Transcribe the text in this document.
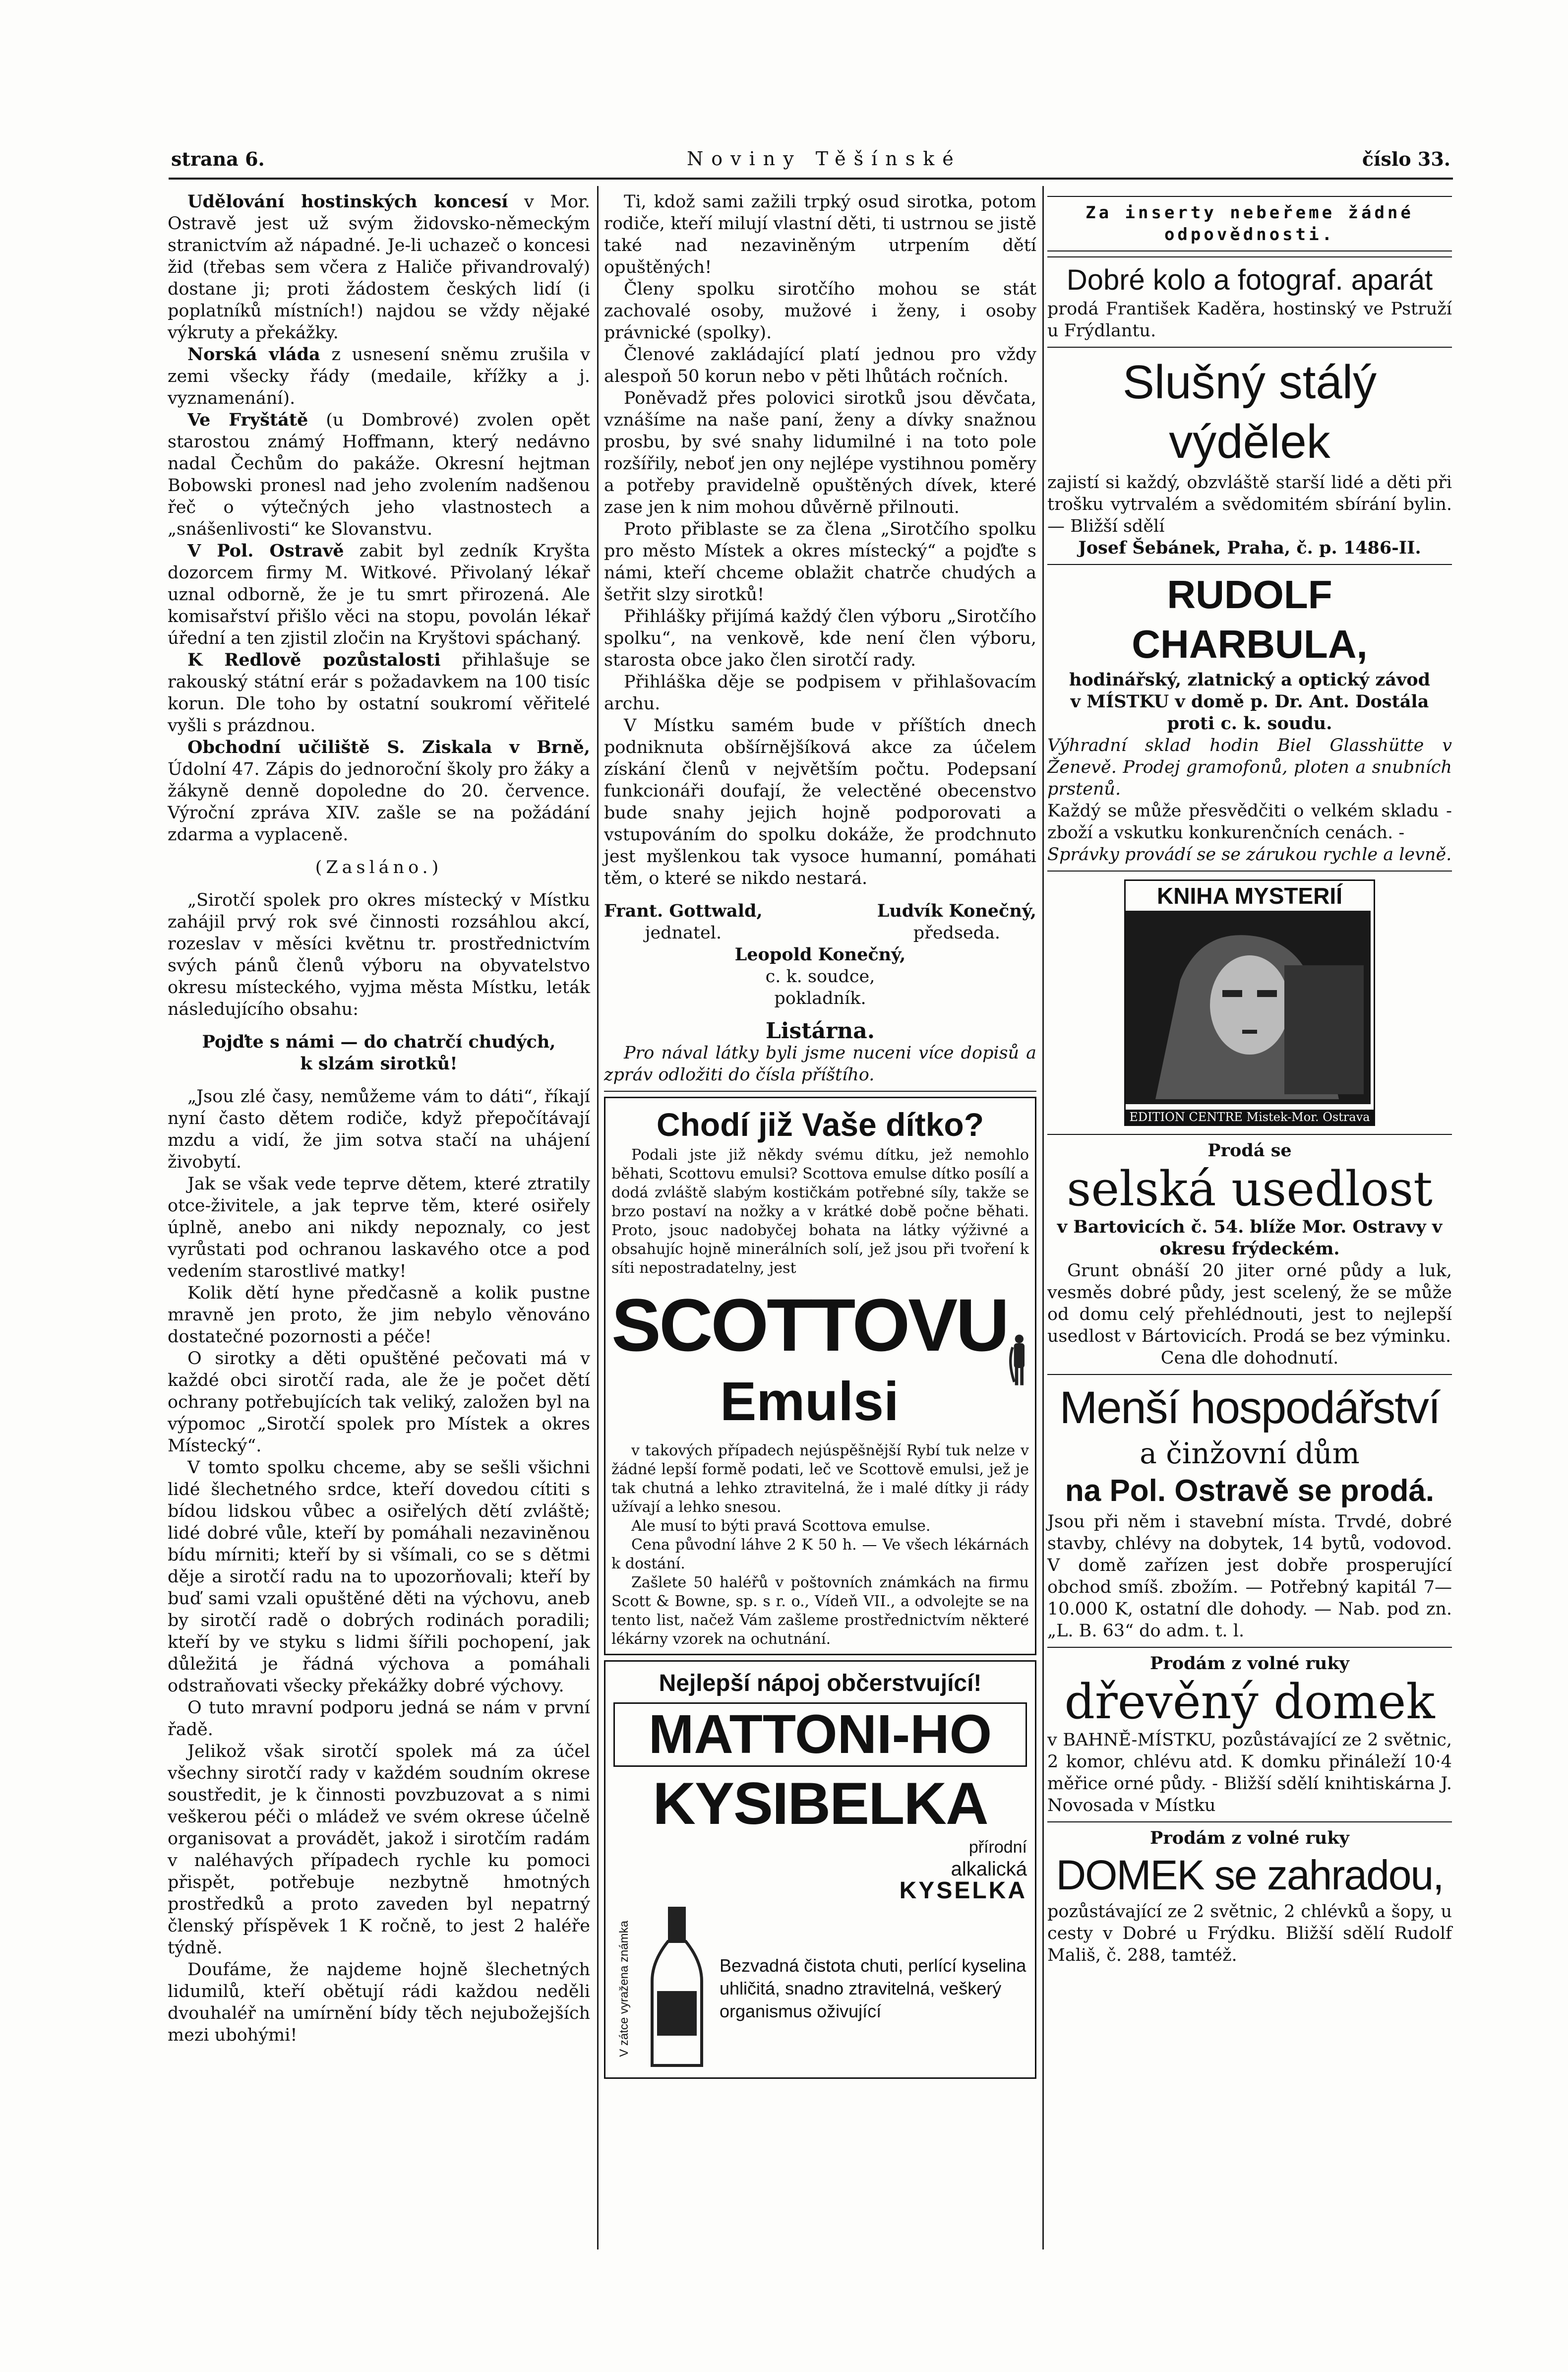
strana 6.	Noviny Těšínské	číslo 33.

Udělování hostinských koncesí v Mor. Ostravě jest už svým židovsko-německým stranictvím až nápadné. Je-li uchazeč o koncesi žid (třebas sem včera z Haliče přivandrovalý) dostane ji; proti žádostem českých lidí (i poplatníků místních!) najdou se vždy nějaké výkruty a překážky.

Norská vláda z usnesení sněmu zrušila v zemi všecky řády (medaile, křížky a j. vyznamenání).

Ve Fryštátě (u Dombrové) zvolen opět starostou známý Hoffmann, který nedávno nadal Čechům do pakáže. Okresní hejtman Bobowski pronesl nad jeho zvolením nadšenou řeč o výtečných jeho vlastnostech a „snášenlivosti“ ke Slovanstvu.

V Pol. Ostravě zabit byl zedník Kryšta dozorcem firmy M. Witkové. Přivolaný lékař uznal odborně, že je tu smrt přirozená. Ale komisařství přišlo věci na stopu, povolán lékař úřední a ten zjistil zločin na Kryštovi spáchaný.

K Redlově pozůstalosti přihlašuje se rakouský státní erár s požadavkem na 100 tisíc korun. Dle toho by ostatní soukromí věřitelé vyšli s prázdnou.

Obchodní učiliště S. Ziskala v Brně, Údolní 47. Zápis do jednoroční školy pro žáky a žákyně denně dopoledne do 20. července. Výroční zpráva XIV. zašle se na požádání zdarma a vyplaceně.

(Zasláno.)

„Sirotčí spolek pro okres místecký v Místku zahájil prvý rok své činnosti rozsáhlou akcí, rozeslav v měsíci květnu tr. prostřednictvím svých pánů členů výboru na obyvatelstvo okresu místeckého, vyjma města Místku, leták následujícího obsahu:

Pojďte s námi — do chatrčí chudých,

k slzám sirotků!

„Jsou zlé časy, nemůžeme vám to dáti“, říkají nyní často dětem rodiče, když přepočítávají mzdu a vidí, že jim sotva stačí na uhájení živobytí.

Jak se však vede teprve dětem, které ztratily otce-živitele, a jak teprve těm, které osiřely úplně, anebo ani nikdy nepoznaly, co jest vyrůstati pod ochranou laskavého otce a pod vedením starostlivé matky!

Kolik dětí hyne předčasně a kolik pustne mravně jen proto, že jim nebylo věnováno dostatečné pozornosti a péče!

O sirotky a děti opuštěné pečovati má v každé obci sirotčí rada, ale že je počet dětí ochrany potřebujících tak veliký, založen byl na výpomoc „Sirotčí spolek pro Místek a okres Místecký“.

V tomto spolku chceme, aby se sešli všichni lidé šlechetného srdce, kteří dovedou cítiti s bídou lidskou vůbec a osiřelých dětí zvláště; lidé dobré vůle, kteří by pomáhali nezaviněnou bídu mírniti; kteří by si všímali, co se s dětmi děje a sirotčí radu na to upozorňovali; kteří by buď sami vzali opuštěné děti na výchovu, aneb by sirotčí radě o dobrých rodinách poradili; kteří by ve styku s lidmi šířili pochopení, jak důležitá je řádná výchova a pomáhali odstraňovati všecky překážky dobré výchovy.

O tuto mravní podporu jedná se nám v první řadě.

Jelikož však sirotčí spolek má za účel všechny sirotčí rady v každém soudním okrese soustředit, je k činnosti povzbuzovat a s nimi veškerou péči o mládež ve svém okrese účelně organisovat a provádět, jakož i sirotčím radám v naléhavých případech rychle ku pomoci přispět, potřebuje nezbytně hmotných prostředků a proto zaveden byl nepatrný členský příspěvek 1 K ročně, to jest 2 haléře týdně.

Doufáme, že najdeme hojně šlechetných lidumilů, kteří obětují rádi každou neděli dvouhaléř na umírnění bídy těch nejubožejších mezi ubohými!

Ti, kdož sami zažili trpký osud sirotka, potom rodiče, kteří milují vlastní děti, ti ustrnou se jistě také nad nezaviněným utrpením dětí opuštěných!

Členy spolku sirotčího mohou se stát zachovalé osoby, mužové i ženy, i osoby právnické (spolky).

Členové zakládající platí jednou pro vždy alespoň 50 korun nebo v pěti lhůtách ročních.

Poněvadž přes polovici sirotků jsou děvčata, vznášíme na naše paní, ženy a dívky snažnou prosbu, by své snahy lidumilné i na toto pole rozšířily, neboť jen ony nejlépe vystihnou poměry a potřeby pravidelně opuštěných dívek, které zase jen k nim mohou důvěrně přilnouti.

Proto přiblaste se za člena „Sirotčího spolku pro město Místek a okres místecký“ a pojďte s námi, kteří chceme oblažit chatrče chudých a šetřit slzy sirotků!

Přihlášky přijímá každý člen výboru „Sirotčího spolku“, na venkově, kde není člen výboru, starosta obce jako člen sirotčí rady.

Přihláška děje se podpisem v přihlašovacím archu.

V Místku samém bude v příštích dnech podniknuta obšírnějšíková akce za účelem získání členů v největším počtu. Podepsaní funkcionáři doufají, že velectěné obecenstvo bude snahy jejich hojně podporovati a vstupováním do spolku dokáže, že prodchnuto jest myšlenkou tak vysoce humanní, pomáhati těm, o které se nikdo nestará.

Frant. Gottwald,
jednatel.
Ludvík Konečný,
předseda.

Leopold Konečný,
c. k. soudce,
pokladník.

Listárna.

Pro nával látky byli jsme nuceni více dopisů a zpráv odložiti do čísla příštího.

Chodí již Vaše dítko?

Podali jste již někdy svému dítku, jež nemohlo běhati, Scottovu emulsi? Scottova emulse dítko posílí a dodá zvláště slabým kostičkám potřebné síly, takže se brzo postaví na nožky a v krátké době počne běhati. Proto, jsouc nadobyčej bohata na látky výživné a obsahujíc hojně minerálních solí, jež jsou při tvoření k síti nepostradatelny, jest

SCOTTOVU

Emulsi

v takových případech nejúspěšnější Rybí tuk nelze v žádné lepší formě podati, leč ve Scottově emulsi, jež je tak chutná a lehko ztravitelná, že i malé dítky ji rády užívají a lehko snesou.

Ale musí to býti pravá Scottova emulse.

Cena původní láhve 2 K 50 h. — Ve všech lékárnách k dostání.

Zašlete 50 haléřů v poštovních známkách na firmu Scott & Bowne, sp. s r. o., Vídeň VII., a odvolejte se na tento list, načež Vám zašleme prostřednictvím některé lékárny vzorek na ochutnání.

Nejlepší nápoj občerstvující!

MATTONI-HO

KYSIBELKA

přírodní
alkalická
KYSELKA
V zátce vyražena známka	Bezvadná čistota chuti, perlící kyselina uhličitá, snadno ztravitelná, veškerý organismus oživující

Za inserty nebeřeme žádné

odpovědnosti.

Dobré kolo a fotograf. aparát

prodá František Kaděra, hostinský ve Pstruží u Frýdlantu.

Slušný stálý výdělek

zajistí si každý, obzvláště starší lidé a děti při trošku vytrvalém a svědomitém sbírání bylin. — Bližší sdělí

Josef Šebánek, Praha, č. p. 1486-II.

RUDOLF CHARBULA,

hodinářský, zlatnický a optický závod

v MÍSTKU v domě p. Dr. Ant. Dostála proti c. k. soudu.

Výhradní sklad hodin Biel Glasshütte v Ženevě. Prodej gramofonů, ploten a snubních prstenů.

Každý se může přesvědčiti o velkém skladu - zboží a vskutku konkurenčních cenách. -

Správky provádí se se zárukou rychle a levně.

KNIHA MYSTERIÍ

EDITION CENTRE Mistek-Mor. Ostrava

Prodá se

selská usedlost

v Bartovicích č. 54. blíže Mor. Ostravy v okresu frýdeckém.

Grunt obnáší 20 jiter orné půdy a luk, vesměs dobré půdy, jest scelený, že se může od domu celý přehlédnouti, jest to nejlepší usedlost v Bártovicích. Prodá se bez výminku.

Cena dle dohodnutí.

Menší hospodářství

a činžovní dům

na Pol. Ostravě se prodá.

Jsou při něm i stavební místa. Trvdé, dobré stavby, chlévy na dobytek, 14 bytů, vodovod. V domě zařízen jest dobře prosperující obchod smíš. zbožím. — Potřebný kapitál 7—10.000 K, ostatní dle dohody. — Nab. pod zn. „L. B. 63“ do adm. t. l.

Prodám z volné ruky

dřevěný domek

v BAHNĚ-MÍSTKU, pozůstávající ze 2 světnic, 2 komor, chlévu atd. K domku přináleží 10·4 měřice orné půdy. - Bližší sdělí knihtiskárna J. Novosada v Místku

Prodám z volné ruky

DOMEK se zahradou,

pozůstávající ze 2 světnic, 2 chlévků a šopy, u cesty v Dobré u Frýdku. Bližší sdělí Rudolf Mališ, č. 288, tamtéž.
